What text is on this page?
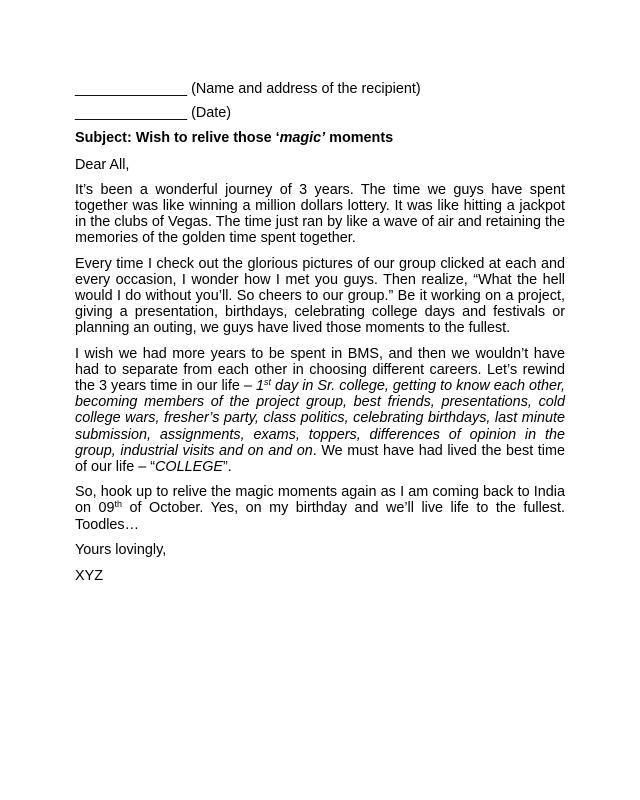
______________ (Name and address of the recipient)
______________ (Date)

Subject: Wish to relive those ‘magic’ moments

Dear All,

It’s been a wonderful journey of 3 years. The time we guys have spent together was like winning a million dollars lottery. It was like hitting a jackpot in the clubs of Vegas. The time just ran by like a wave of air and retaining the memories of the golden time spent together.

Every time I check out the glorious pictures of our group clicked at each and every occasion, I wonder how I met you guys. Then realize, “What the hell would I do without you’ll. So cheers to our group.” Be it working on a project, giving a presentation, birthdays, celebrating college days and festivals or planning an outing, we guys have lived those moments to the fullest.

I wish we had more years to be spent in BMS, and then we wouldn’t have had to separate from each other in choosing different careers. Let’s rewind the 3 years time in our life – 1st day in Sr. college, getting to know each other, becoming members of the project group, best friends, presentations, cold college wars, fresher’s party, class politics, celebrating birthdays, last minute submission, assignments, exams, toppers, differences of opinion in the group, industrial visits and on and on. We must have had lived the best time of our life – “COLLEGE”.

So, hook up to relive the magic moments again as I am coming back to India on 09th of October. Yes, on my birthday and we’ll live life to the fullest. Toodles…

Yours lovingly,

XYZ
